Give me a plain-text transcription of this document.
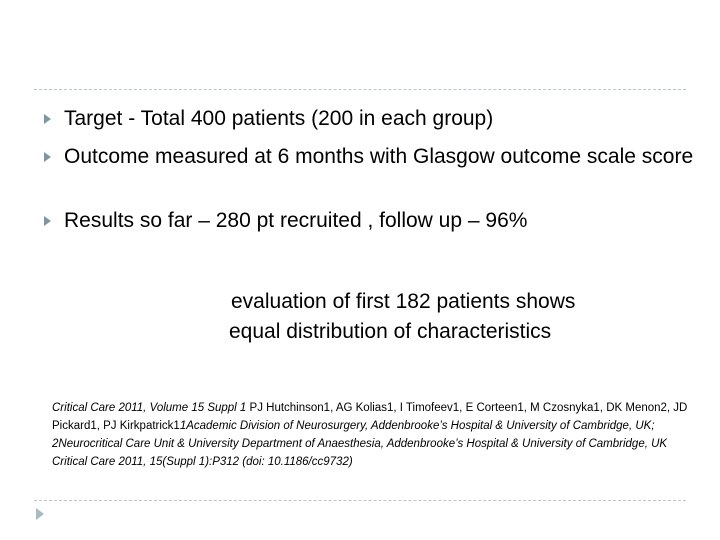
Target - Total 400 patients (200 in each group)
Outcome measured at 6 months with Glasgow outcome scale score
Results so far – 280 pt recruited , follow up – 96%
evaluation of first 182 patients shows
equal distribution of characteristics
Critical Care 2011, Volume 15 Suppl 1 PJ Hutchinson1, AG Kolias1, I Timofeev1, E Corteen1, M Czosnyka1, DK Menon2, JD Pickard1, PJ Kirkpatrick11Academic Division of Neurosurgery, Addenbrooke’s Hospital & University of Cambridge, UK; 2Neurocritical Care Unit & University Department of Anaesthesia, Addenbrooke’s Hospital & University of Cambridge, UK Critical Care 2011, 15(Suppl 1):P312 (doi: 10.1186/cc9732)
